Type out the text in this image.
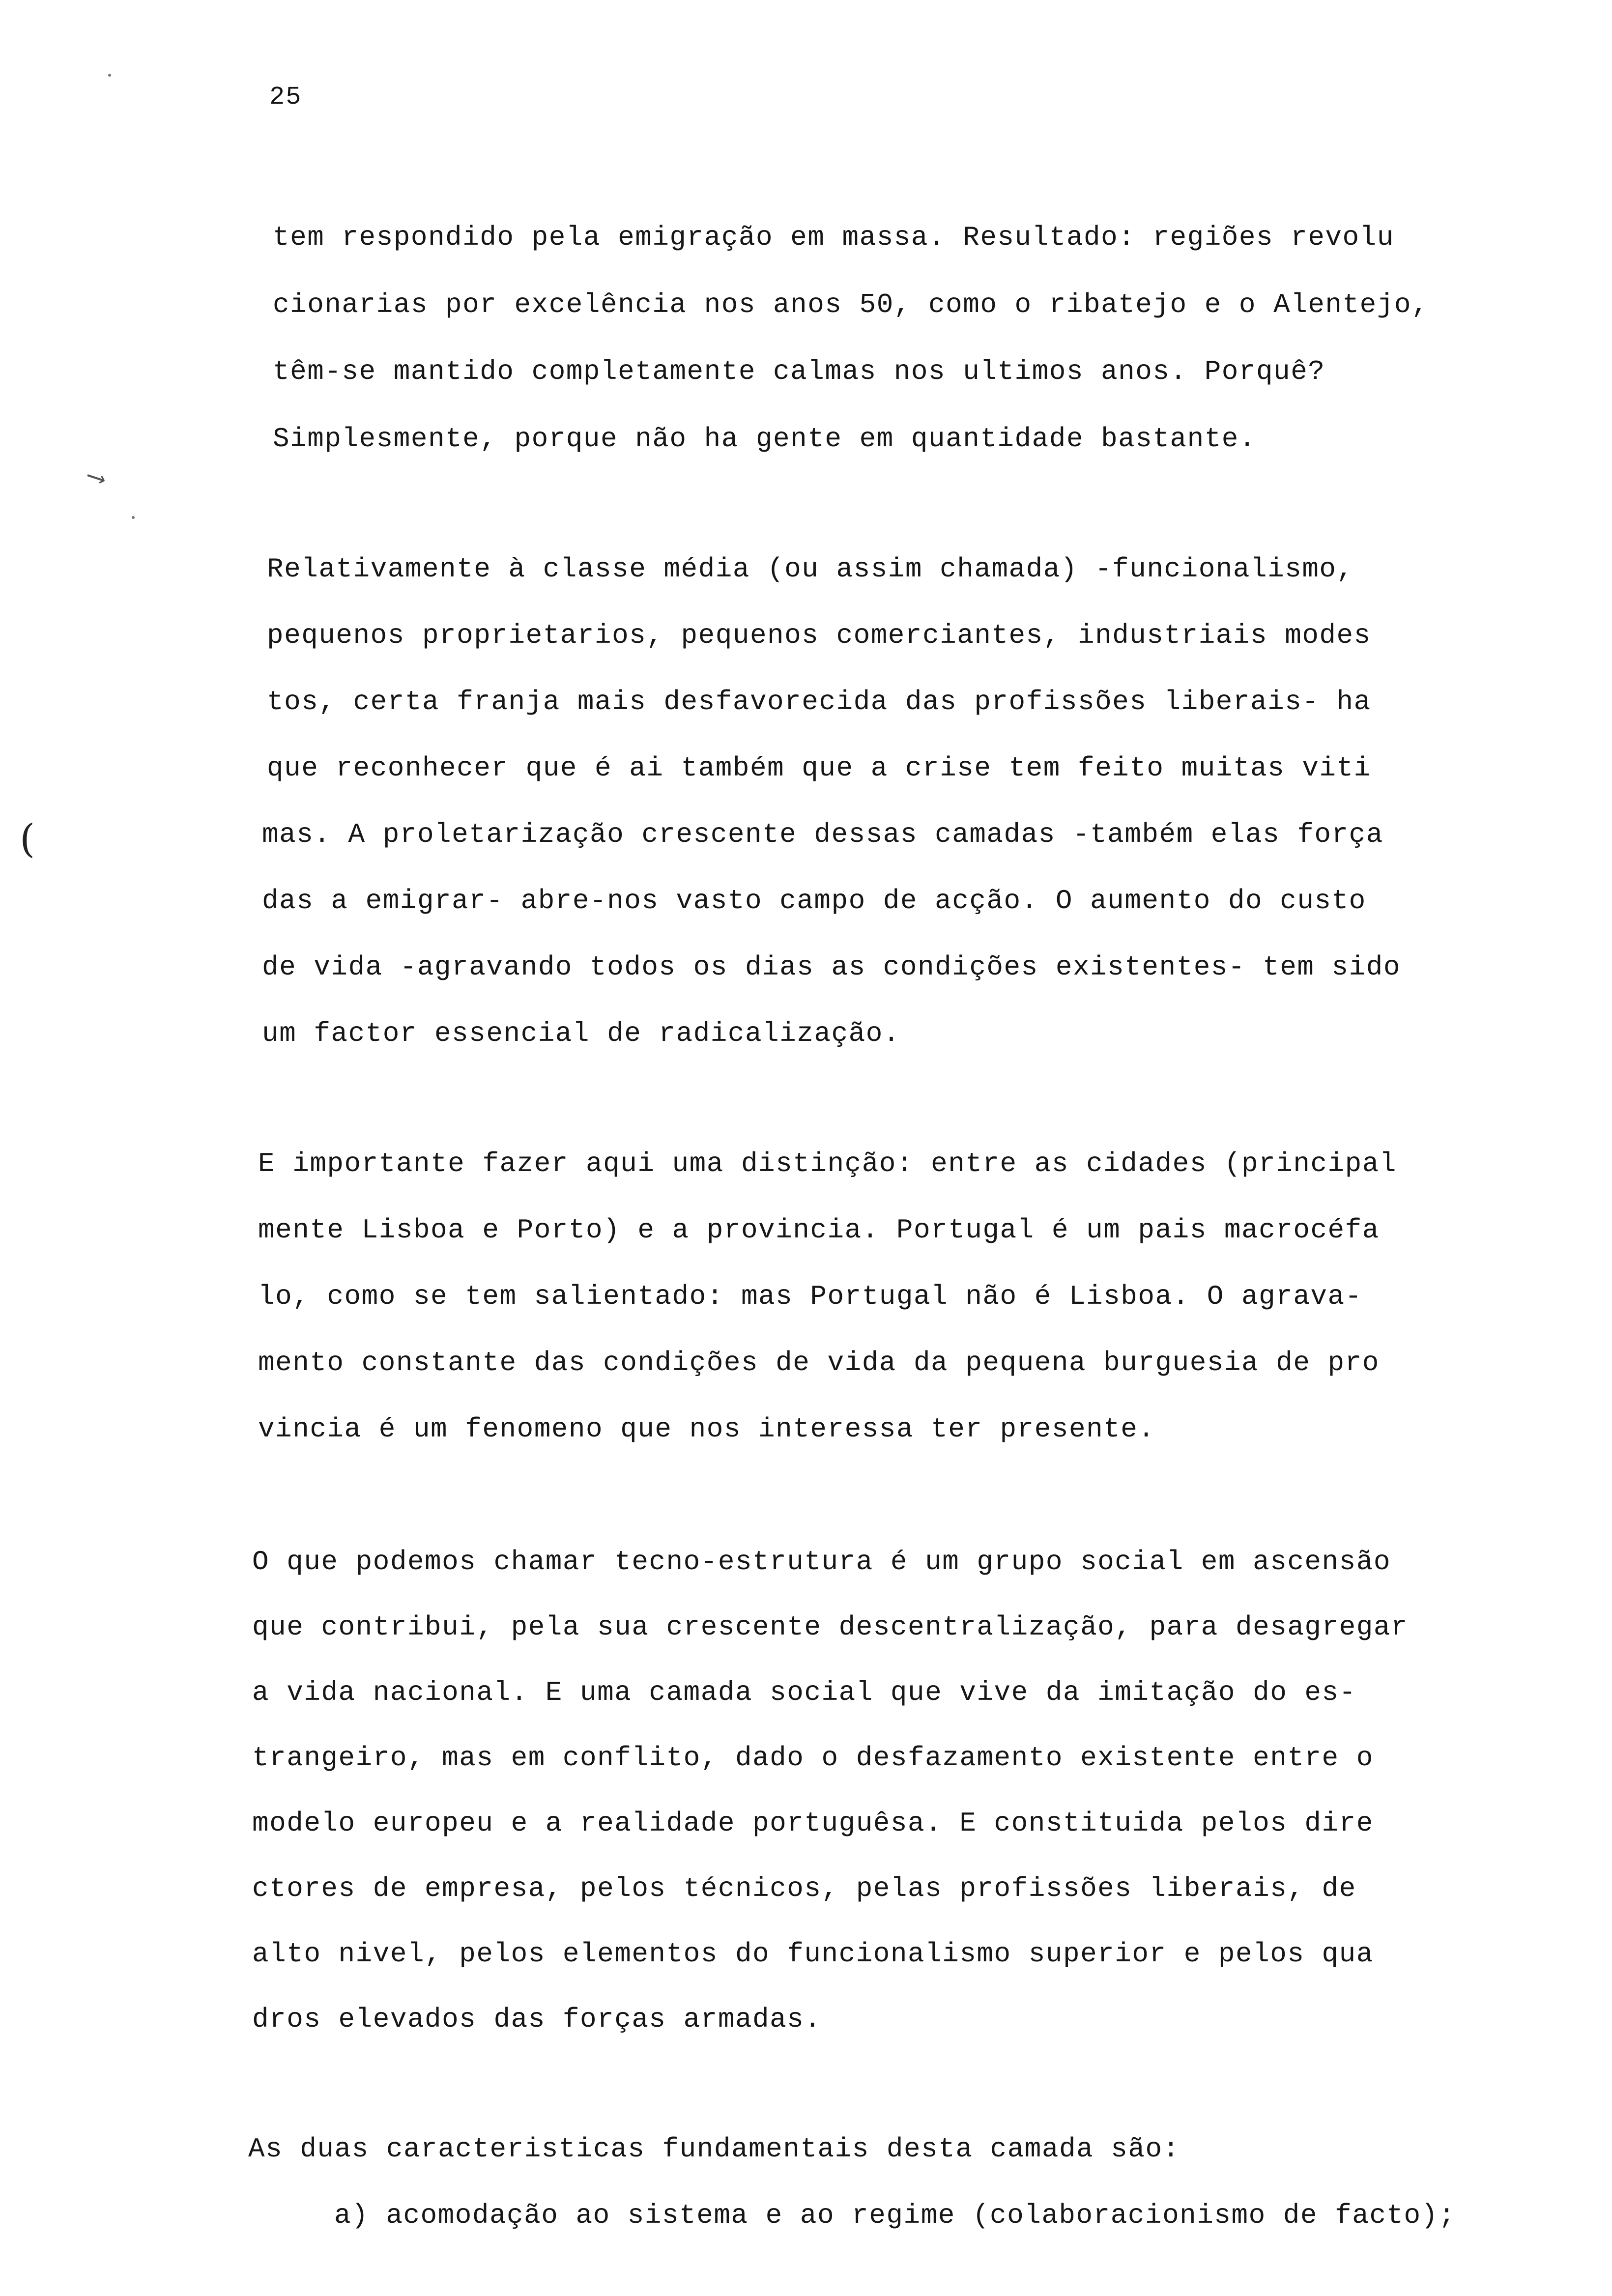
25
⟶
(
tem respondido pela emigração em massa. Resultado: regiões revolu
cionarias por excelência nos anos 50, como o ribatejo e o Alentejo,
têm-se mantido completamente calmas nos ultimos anos. Porquê?
Simplesmente, porque não ha gente em quantidade bastante.
Relativamente à classe média (ou assim chamada) -funcionalismo,
pequenos proprietarios, pequenos comerciantes, industriais modes
tos, certa franja mais desfavorecida das profissões liberais- ha
que reconhecer que é ai também que a crise tem feito muitas viti
mas. A proletarização crescente dessas camadas -também elas força
das a emigrar- abre-nos vasto campo de acção. O aumento do custo
de vida -agravando todos os dias as condições existentes- tem sido
um factor essencial de radicalização.
E importante fazer aqui uma distinção: entre as cidades (principal
mente Lisboa e Porto) e a provincia. Portugal é um pais macrocéfa
lo, como se tem salientado: mas Portugal não é Lisboa. O agrava-
mento constante das condições de vida da pequena burguesia de pro
vincia é um fenomeno que nos interessa ter presente.
O que podemos chamar tecno-estrutura é um grupo social em ascensão
que contribui, pela sua crescente descentralização, para desagregar
a vida nacional. E uma camada social que vive da imitação do es-
trangeiro, mas em conflito, dado o desfazamento existente entre o
modelo europeu e a realidade portuguêsa. E constituida pelos dire
ctores de empresa, pelos técnicos, pelas profissões liberais, de
alto nivel, pelos elementos do funcionalismo superior e pelos qua
dros elevados das forças armadas.
As duas caracteristicas fundamentais desta camada são:
a) acomodação ao sistema e ao regime (colaboracionismo de facto);
